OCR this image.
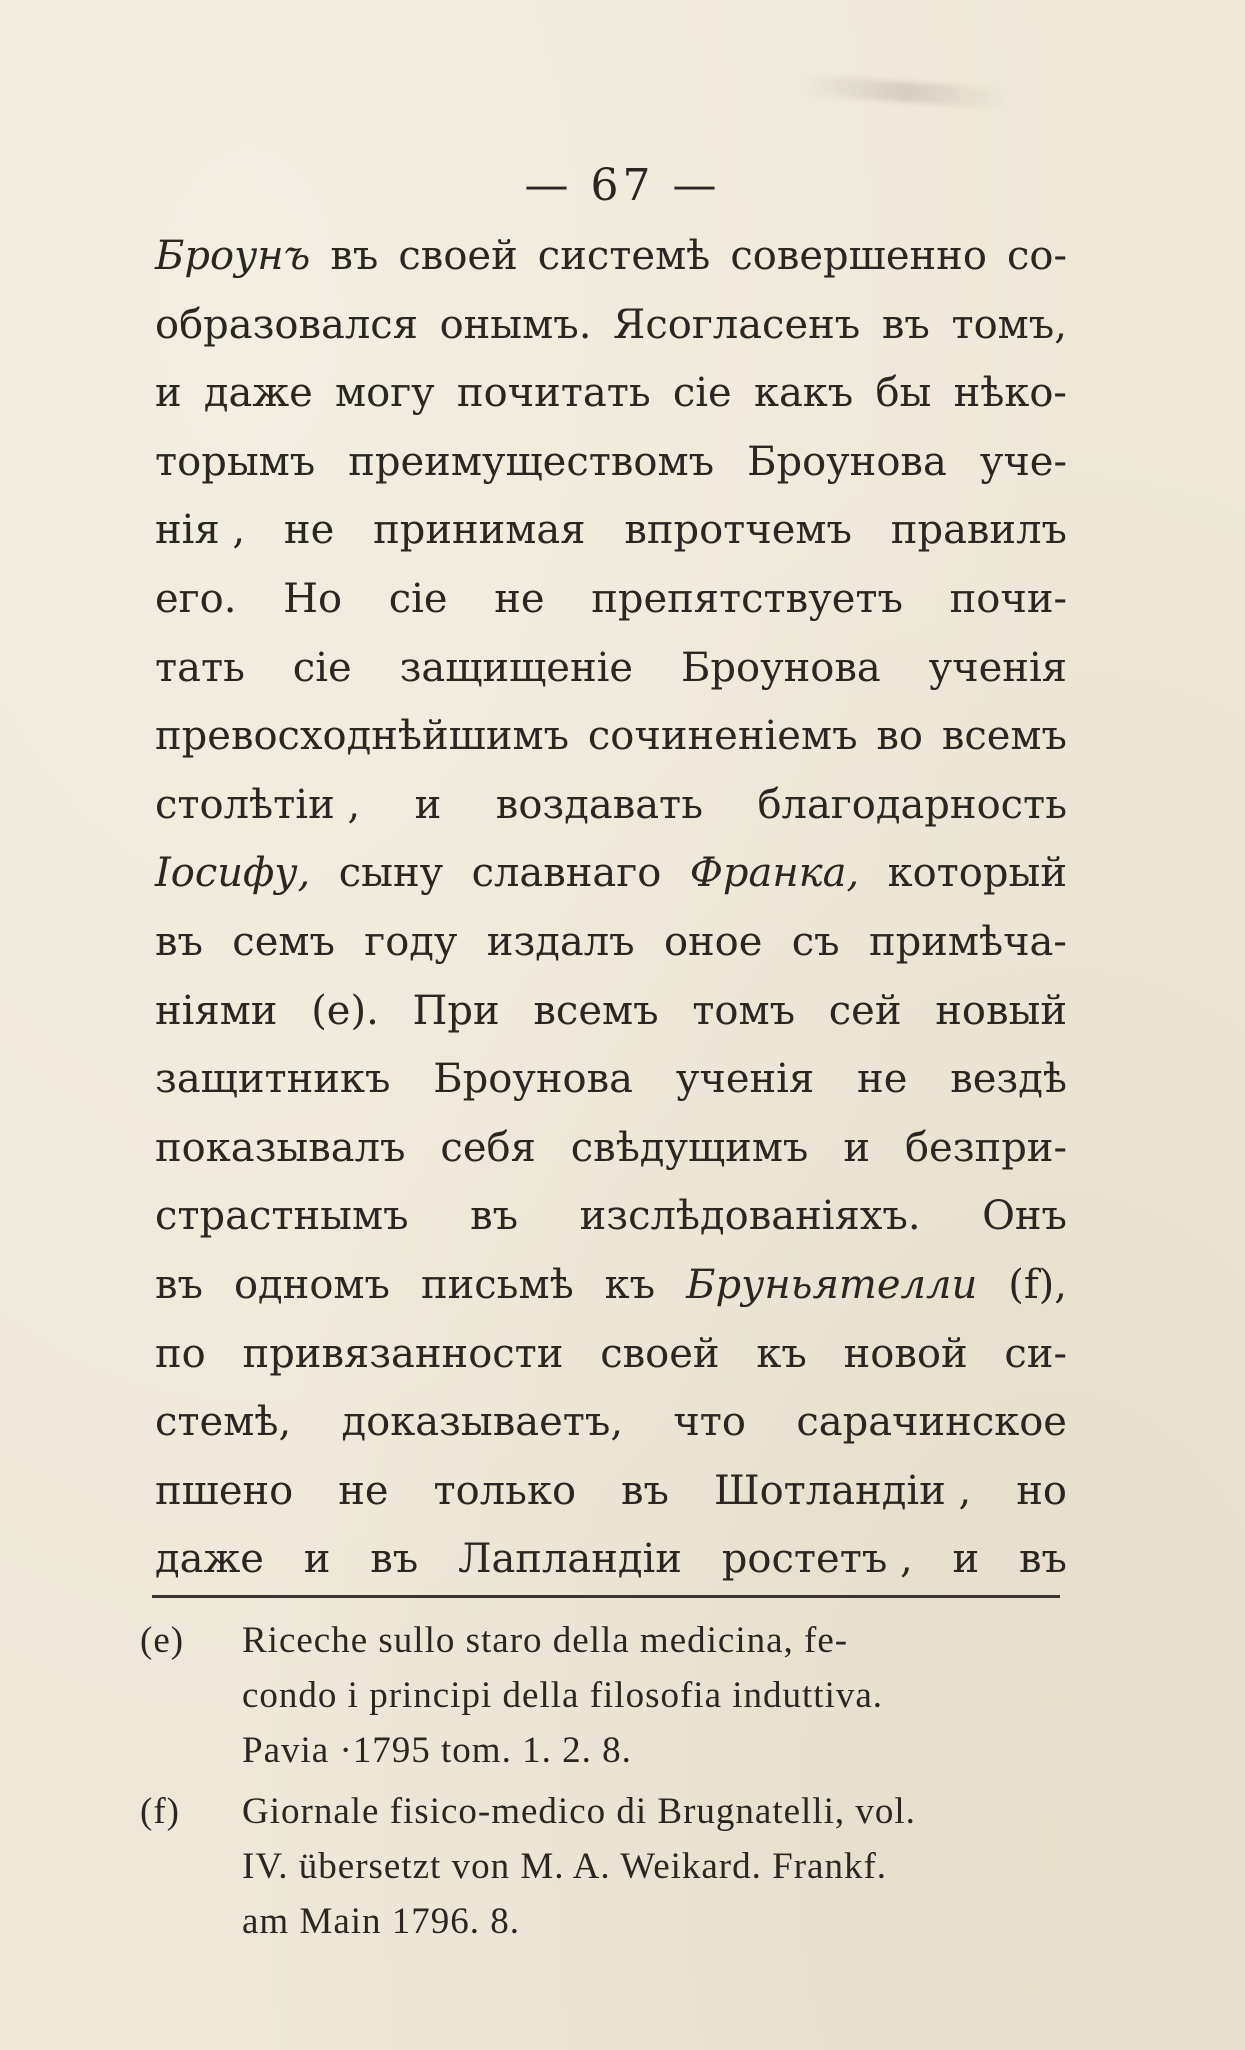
— 67 —
Броунъ въ своей системѣ совершенно со-
образовался онымъ. Ясогласенъ въ томъ,
и даже могу почитать сіе какъ бы нѣко-
торымъ преимуществомъ Броунова уче-
нія , не принимая впротчемъ правилъ
его. Но сіе не препятствуетъ почи-
тать сіе защищеніе Броунова ученія
превосходнѣйшимъ сочиненіемъ во всемъ
столѣтіи , и воздавать благодарность
Іосифу, сыну славнаго Франка, который
въ семъ году издалъ оное съ примѣча-
ніями (е). При всемъ томъ сей новый
защитникъ Броунова ученія не вездѣ
показывалъ себя свѣдущимъ и безпри-
страстнымъ въ изслѣдованіяхъ. Онъ
въ одномъ письмѣ къ Бруньятелли (f),
по привязанности своей къ новой си-
стемѣ, доказываетъ, что сарачинское
пшено не только въ Шотландіи , но
даже и въ Лапландіи ростетъ , и въ
(e) Riceche sullo staro della medicina, fe-
condo i principi della filosofia induttiva.
Pavia ·1795 tom. 1. 2. 8.
(f) Giornale fisico-medico di Brugnatelli, vol.
IV. übersetzt von M. A. Weikard. Frankf.
am Main 1796. 8.
